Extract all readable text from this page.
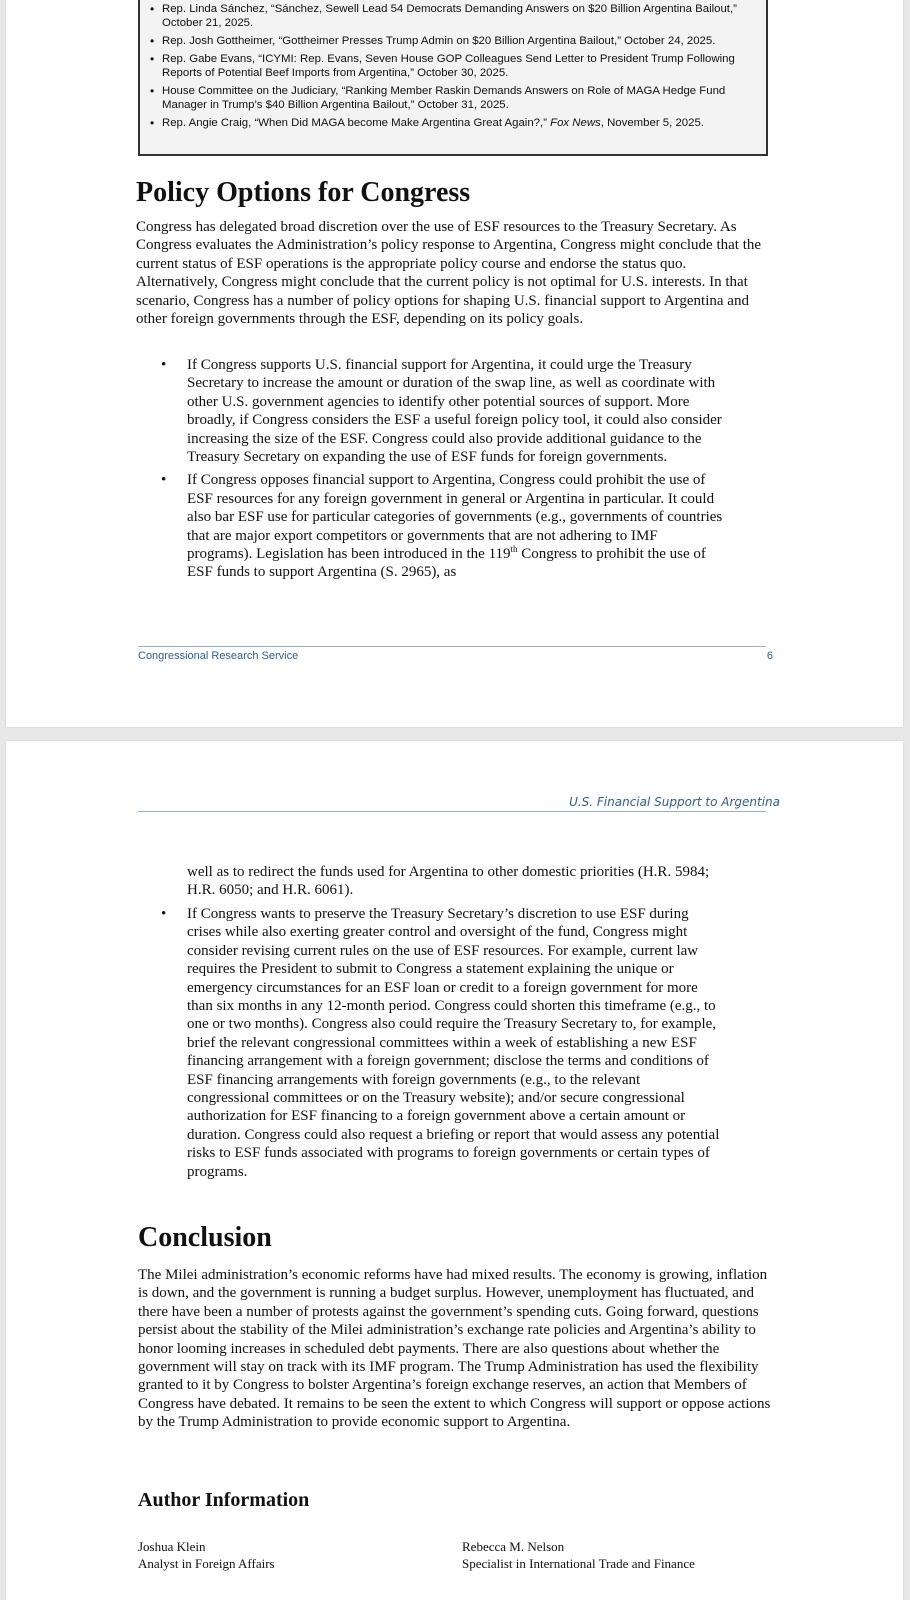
• Rep. Linda Sánchez, “Sánchez, Sewell Lead 54 Democrats Demanding Answers on $20 Billion Argentina Bailout,” October 21, 2025.
• Rep. Josh Gottheimer, “Gottheimer Presses Trump Admin on $20 Billion Argentina Bailout,” October 24, 2025.
• Rep. Gabe Evans, “ICYMI: Rep. Evans, Seven House GOP Colleagues Send Letter to President Trump Following Reports of Potential Beef Imports from Argentina,” October 30, 2025.
• House Committee on the Judiciary, “Ranking Member Raskin Demands Answers on Role of MAGA Hedge Fund Manager in Trump’s $40 Billion Argentina Bailout,” October 31, 2025.
• Rep. Angie Craig, “When Did MAGA become Make Argentina Great Again?,” Fox News, November 5, 2025.
Policy Options for Congress

Congress has delegated broad discretion over the use of ESF resources to the Treasury Secretary. As Congress evaluates the Administration’s policy response to Argentina, Congress might conclude that the current status of ESF operations is the appropriate policy course and endorse the status quo. Alternatively, Congress might conclude that the current policy is not optimal for U.S. interests. In that scenario, Congress has a number of policy options for shaping U.S. financial support to Argentina and other foreign governments through the ESF, depending on its policy goals.

• If Congress supports U.S. financial support for Argentina, it could urge the Treasury Secretary to increase the amount or duration of the swap line, as well as coordinate with other U.S. government agencies to identify other potential sources of support. More broadly, if Congress considers the ESF a useful foreign policy tool, it could also consider increasing the size of the ESF. Congress could also provide additional guidance to the Treasury Secretary on expanding the use of ESF funds for foreign governments.
• If Congress opposes financial support to Argentina, Congress could prohibit the use of ESF resources for any foreign government in general or Argentina in particular. It could also bar ESF use for particular categories of governments (e.g., governments of countries that are major export competitors or governments that are not adhering to IMF programs). Legislation has been introduced in the 119th Congress to prohibit the use of ESF funds to support Argentina (S. 2965), as
Congressional Research Service	6
U.S. Financial Support to Argentina

well as to redirect the funds used for Argentina to other domestic priorities (H.R. 5984; H.R. 6050; and H.R. 6061).

• If Congress wants to preserve the Treasury Secretary’s discretion to use ESF during crises while also exerting greater control and oversight of the fund, Congress might consider revising current rules on the use of ESF resources. For example, current law requires the President to submit to Congress a statement explaining the unique or emergency circumstances for an ESF loan or credit to a foreign government for more than six months in any 12-month period. Congress could shorten this timeframe (e.g., to one or two months). Congress also could require the Treasury Secretary to, for example, brief the relevant congressional committees within a week of establishing a new ESF financing arrangement with a foreign government; disclose the terms and conditions of ESF financing arrangements with foreign governments (e.g., to the relevant congressional committees or on the Treasury website); and/or secure congressional authorization for ESF financing to a foreign government above a certain amount or duration. Congress could also request a briefing or report that would assess any potential risks to ESF funds associated with programs to foreign governments or certain types of programs.
Conclusion

The Milei administration’s economic reforms have had mixed results. The economy is growing, inflation is down, and the government is running a budget surplus. However, unemployment has fluctuated, and there have been a number of protests against the government’s spending cuts. Going forward, questions persist about the stability of the Milei administration’s exchange rate policies and Argentina’s ability to honor looming increases in scheduled debt payments. There are also questions about whether the government will stay on track with its IMF program. The Trump Administration has used the flexibility granted to it by Congress to bolster Argentina’s foreign exchange reserves, an action that Members of Congress have debated. It remains to be seen the extent to which Congress will support or oppose actions by the Trump Administration to provide economic support to Argentina.

Author Information
Joshua Klein
Analyst in Foreign Affairs
Rebecca M. Nelson
Specialist in International Trade and Finance
